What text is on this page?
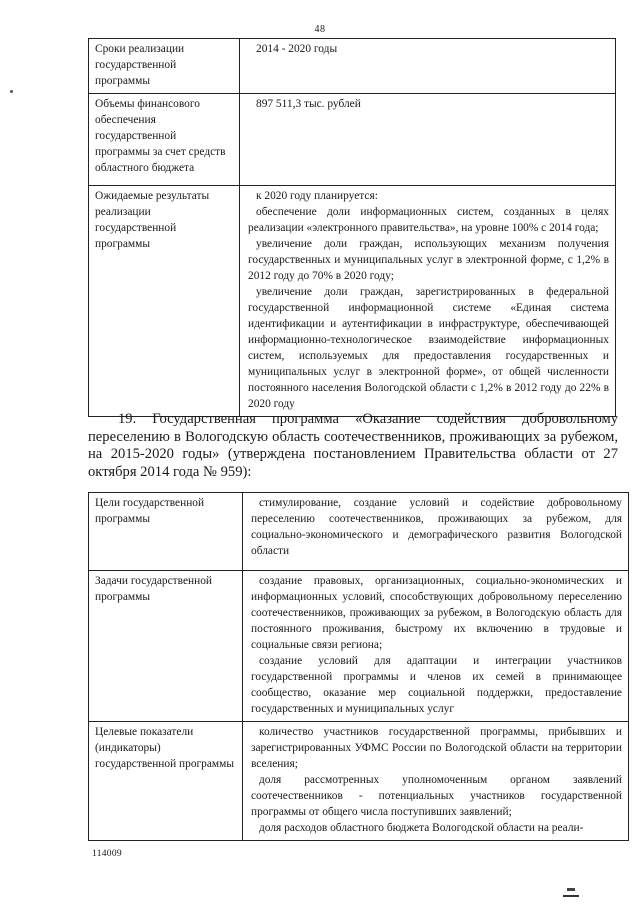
48
Сроки реализации государственной программы	2014 - 2020 годы

Объемы финансового обеспечения государственной программы за счет средств областного бюджета	897 511,3 тыс. рублей

Ожидаемые результаты реализации государственной программы	к 2020 году планируется:
обеспечение доли информационных систем, созданных в целях реализации «электронного правительства», на уровне 100% с 2014 года;
увеличение доли граждан, использующих механизм получения государственных и муниципальных услуг в электронной форме, с 1,2% в 2012 году до 70% в 2020 году;
увеличение доли граждан, зарегистрированных в федеральной государственной информационной системе «Единая система идентификации и аутентификации в инфраструктуре, обеспечивающей информационно-технологическое взаимодействие информационных систем, используемых для предоставления государственных и муниципальных услуг в электронной форме», от общей численности постоянного населения Вологодской области с 1,2% в 2012 году до 22% в 2020 году
19. Государственная программа «Оказание содействия добровольному переселению в Вологодскую область соотечественников, проживающих за рубежом, на 2015-2020 годы» (утверждена постановлением Правительства области от 27 октября 2014 года № 959):
Цели государственной программы	стимулирование, создание условий и содействие добровольному переселению соотечественников, проживающих за рубежом, для социально-экономического и демографического развития Вологодской области

Задачи государственной программы	создание правовых, организационных, социально-экономических и информационных условий, способствующих добровольному переселению соотечественников, проживающих за рубежом, в Вологодскую область для постоянного проживания, быстрому их включению в трудовые и социальные связи региона;
создание условий для адаптации и интеграции участников государственной программы и членов их семей в принимающее сообщество, оказание мер социальной поддержки, предоставление государственных и муниципальных услуг

Целевые показатели (индикаторы) государственной программы	количество участников государственной программы, прибывших и зарегистрированных УФМС России по Вологодской области на территории вселения;
доля рассмотренных уполномоченным органом заявлений соотечественников - потенциальных участников государственной программы от общего числа поступивших заявлений;
доля расходов областного бюджета Вологодской области на реали-
114009
